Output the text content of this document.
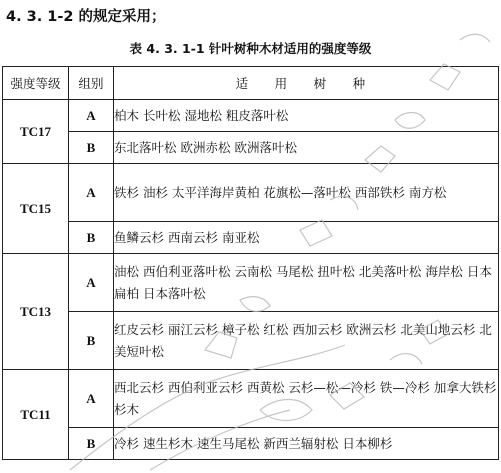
4. 3. 1-2 的规定采用；
表 4. 3. 1-1 针叶树种木材适用的强度等级
强度等级	组别	适 用 树 种
TC17	A	柏木 长叶松 湿地松 粗皮落叶松
	B	东北落叶松 欧洲赤松 欧洲落叶松
TC15	A	铁杉 油杉 太平洋海岸黄柏 花旗松—落叶松 西部铁杉 南方松
	B	鱼鳞云杉 西南云杉 南亚松
TC13	A	油松 西伯利亚落叶松 云南松 马尾松 扭叶松 北美落叶松 海岸松 日本扁柏 日本落叶松
	B	红皮云杉 丽江云杉 樟子松 红松 西加云杉 欧洲云杉 北美山地云杉 北美短叶松
TC11	A	西北云杉 西伯利亚云杉 西黄松 云杉—松—冷杉 铁—冷杉 加拿大铁杉 杉木
	B	冷杉 速生杉木 速生马尾松 新西兰辐射松 日本柳杉
